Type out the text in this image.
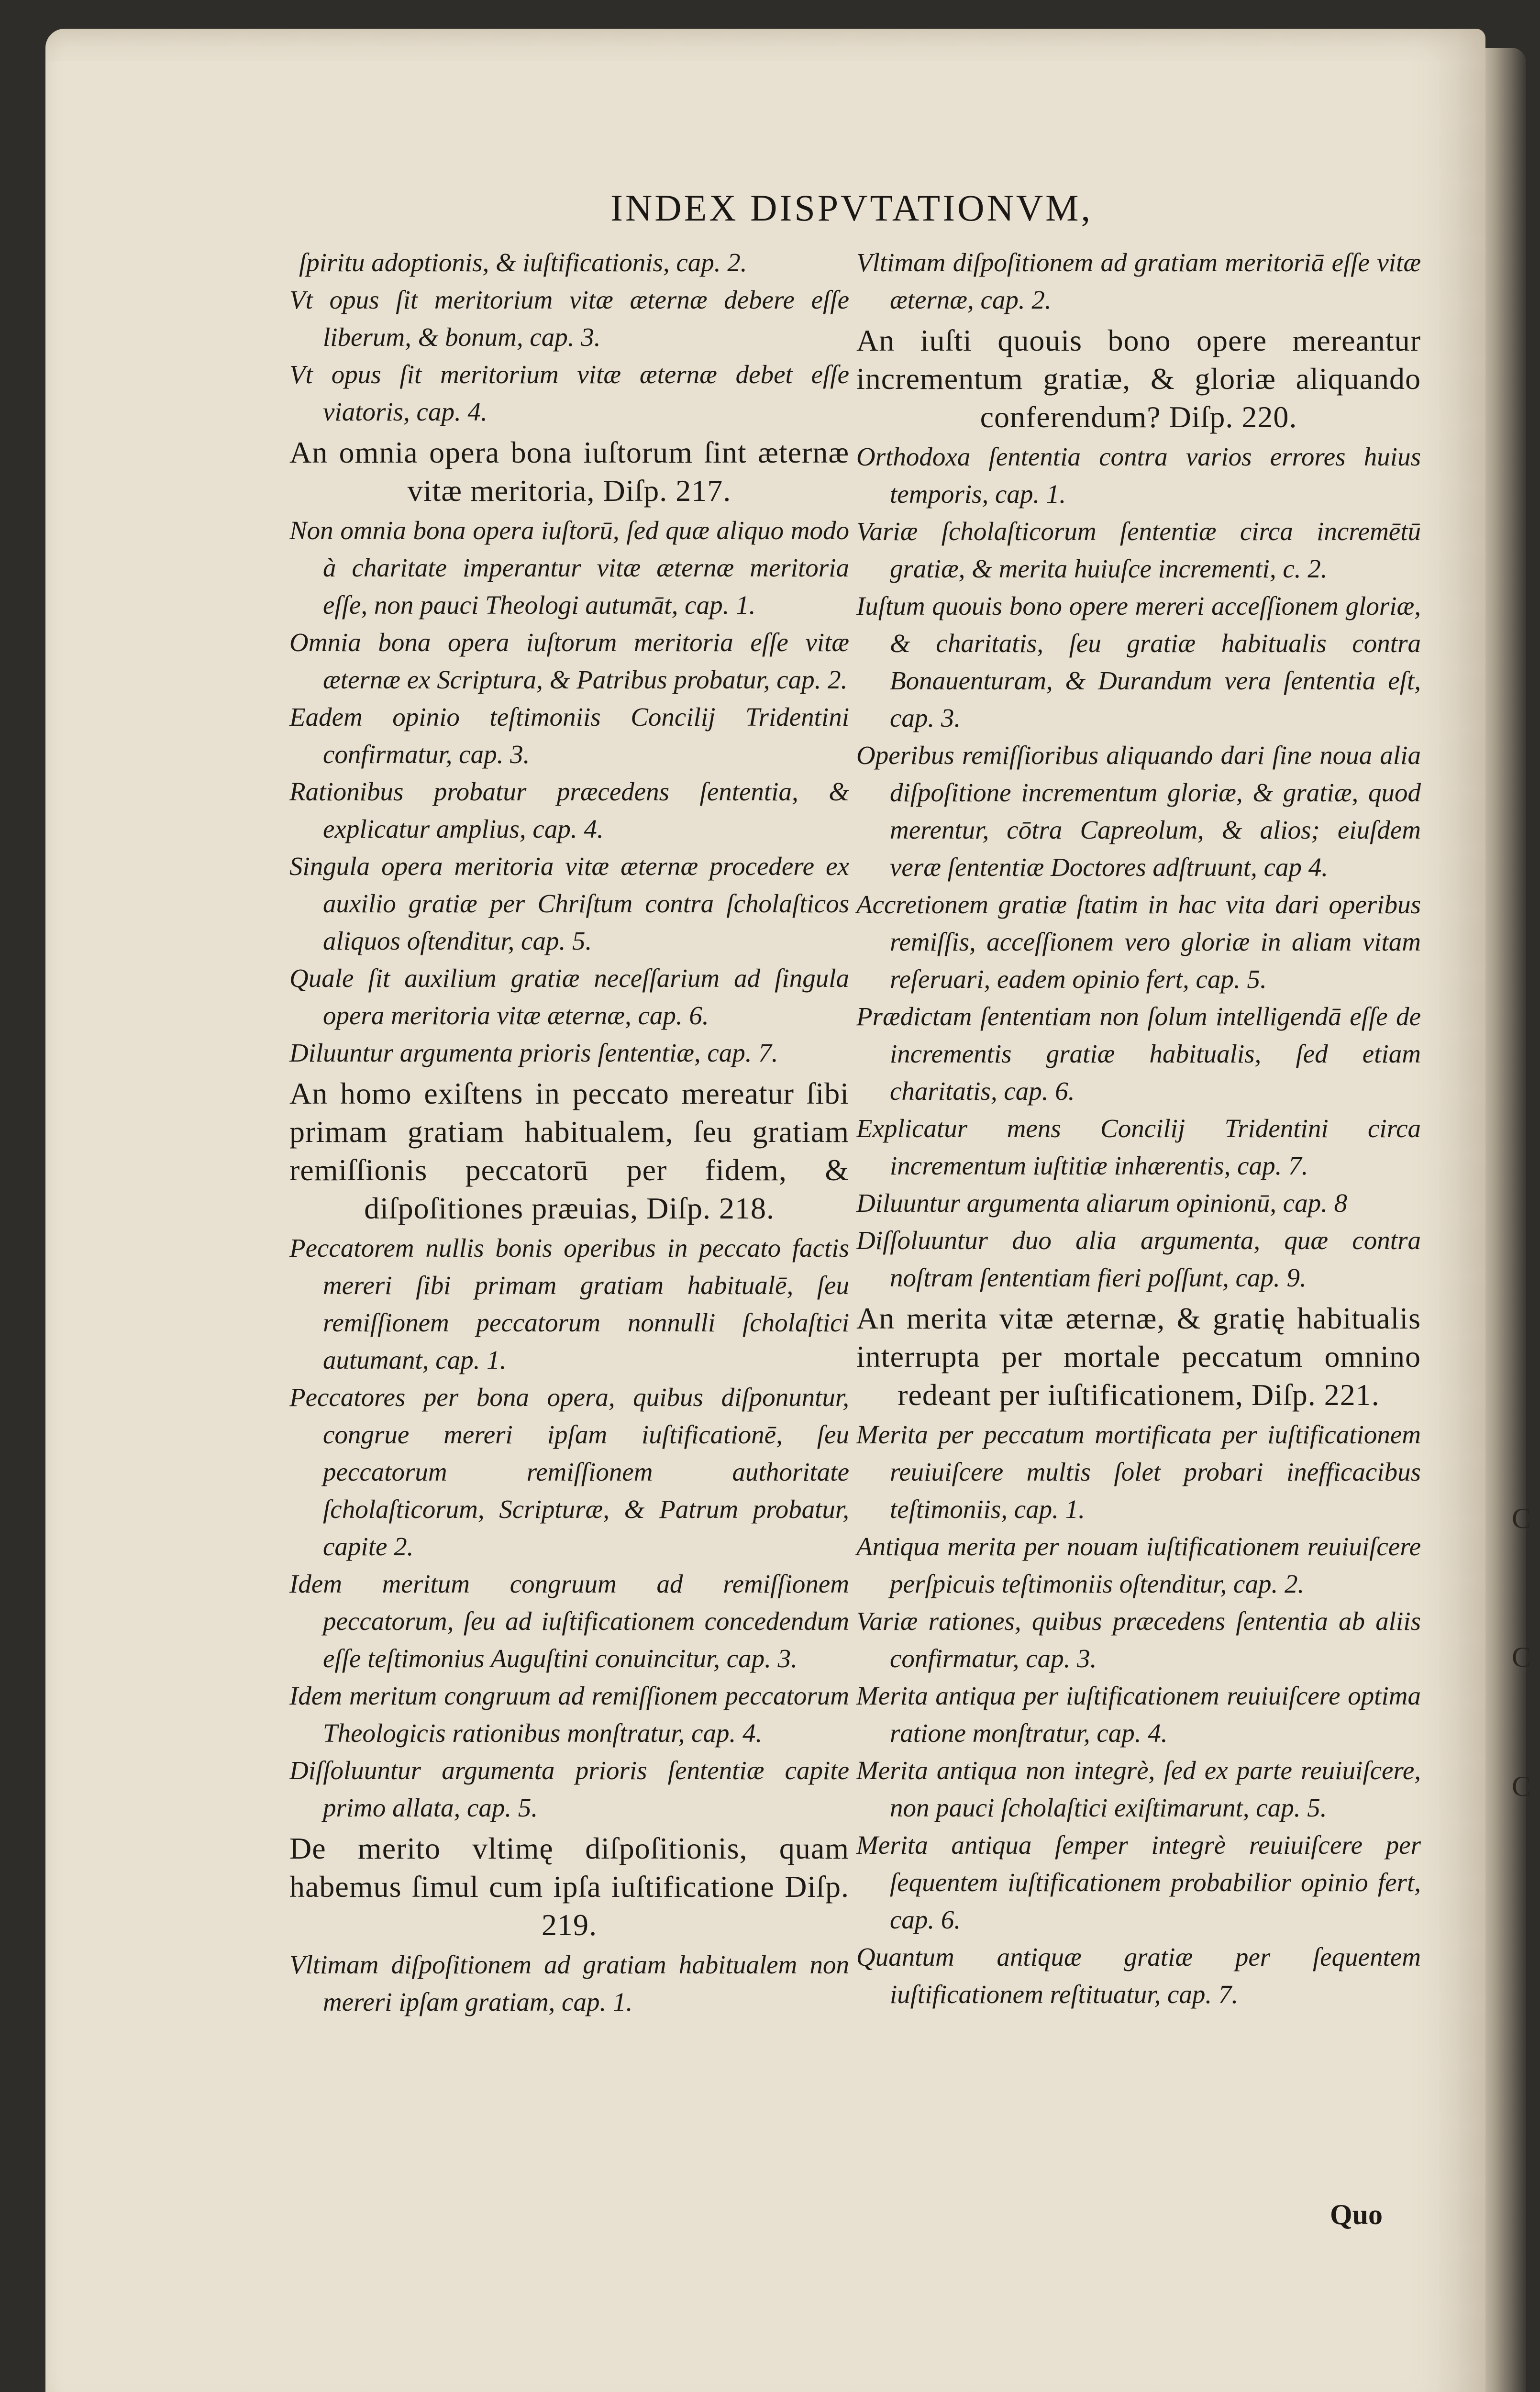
C
C
C
INDEX DISPVTATIONVM,

ſpiritu adoptionis, & iuſtificationis, cap. 2.

Vt opus ſit meritorium vitæ æternæ debere eſſe liberum, & bonum, cap. 3.

Vt opus ſit meritorium vitæ æternæ debet eſſe viatoris, cap. 4.

An omnia opera bona iuſtorum ſint æternæ vitæ meritoria, Diſp. 217.

Non omnia bona opera iuſtorū, ſed quæ aliquo modo à charitate imperantur vitæ æternæ meritoria eſſe, non pauci Theologi autumāt, cap. 1.

Omnia bona opera iuſtorum meritoria eſſe vitæ æternæ ex Scriptura, & Patribus probatur, cap. 2.

Eadem opinio teſtimoniis Concilij Tridentini confirmatur, cap. 3.

Rationibus probatur præcedens ſententia, & explicatur amplius, cap. 4.

Singula opera meritoria vitæ æternæ procedere ex auxilio gratiæ per Chriſtum contra ſcholaſticos aliquos oſtenditur, cap. 5.

Quale ſit auxilium gratiæ neceſſarium ad ſingula opera meritoria vitæ æternæ, cap. 6.

Diluuntur argumenta prioris ſententiæ, cap. 7.

An homo exiſtens in peccato mereatur ſibi primam gratiam habitualem, ſeu gratiam remiſſionis peccatorū per fidem, & diſpoſitiones præuias, Diſp. 218.

Peccatorem nullis bonis operibus in peccato factis mereri ſibi primam gratiam habitualē, ſeu remiſſionem peccatorum nonnulli ſcholaſtici autumant, cap. 1.

Peccatores per bona opera, quibus diſponuntur, congrue mereri ipſam iuſtificationē, ſeu peccatorum remiſſionem authoritate ſcholaſticorum, Scripturæ, & Patrum probatur, capite 2.

Idem meritum congruum ad remiſſionem peccatorum, ſeu ad iuſtificationem concedendum eſſe teſtimonius Auguſtini conuincitur, cap. 3.

Idem meritum congruum ad remiſſionem peccatorum Theologicis rationibus monſtratur, cap. 4.

Diſſoluuntur argumenta prioris ſententiæ capite primo allata, cap. 5.

De merito vltimę diſpoſitionis, quam habemus ſimul cum ipſa iuſtificatione Diſp. 219.

Vltimam diſpoſitionem ad gratiam habitualem non mereri ipſam gratiam, cap. 1.

Vltimam diſpoſitionem ad gratiam meritoriā eſſe vitæ æternæ, cap. 2.

An iuſti quouis bono opere mereantur incrementum gratiæ, & gloriæ aliquando conferendum? Diſp. 220.

Orthodoxa ſententia contra varios errores huius temporis, cap. 1.

Variæ ſcholaſticorum ſententiæ circa incremētū gratiæ, & merita huiuſce incrementi, c. 2.

Iuſtum quouis bono opere mereri acceſſionem gloriæ, & charitatis, ſeu gratiæ habitualis contra Bonauenturam, & Durandum vera ſententia eſt, cap. 3.

Operibus remiſſioribus aliquando dari ſine noua alia diſpoſitione incrementum gloriæ, & gratiæ, quod merentur, cōtra Capreolum, & alios; eiuſdem veræ ſententiæ Doctores adſtruunt, cap 4.

Accretionem gratiæ ſtatim in hac vita dari operibus remiſſis, acceſſionem vero gloriæ in aliam vitam reſeruari, eadem opinio fert, cap. 5.

Prædictam ſententiam non ſolum intelligendā eſſe de incrementis gratiæ habitualis, ſed etiam charitatis, cap. 6.

Explicatur mens Concilij Tridentini circa incrementum iuſtitiæ inhærentis, cap. 7.

Diluuntur argumenta aliarum opinionū, cap. 8

Diſſoluuntur duo alia argumenta, quæ contra noſtram ſententiam fieri poſſunt, cap. 9.

An merita vitæ æternæ, & gratię habitualis interrupta per mortale peccatum omnino redeant per iuſtificationem, Diſp. 221.

Merita per peccatum mortificata per iuſtificationem reuiuiſcere multis ſolet probari inefficacibus teſtimoniis, cap. 1.

Antiqua merita per nouam iuſtificationem reuiuiſcere perſpicuis teſtimoniis oſtenditur, cap. 2.

Variæ rationes, quibus præcedens ſententia ab aliis confirmatur, cap. 3.

Merita antiqua per iuſtificationem reuiuiſcere optima ratione monſtratur, cap. 4.

Merita antiqua non integrè, ſed ex parte reuiuiſcere, non pauci ſcholaſtici exiſtimarunt, cap. 5.

Merita antiqua ſemper integrè reuiuiſcere per ſequentem iuſtificationem probabilior opinio fert, cap. 6.

Quantum antiquæ gratiæ per ſequentem iuſtificationem reſtituatur, cap. 7.

Quo
